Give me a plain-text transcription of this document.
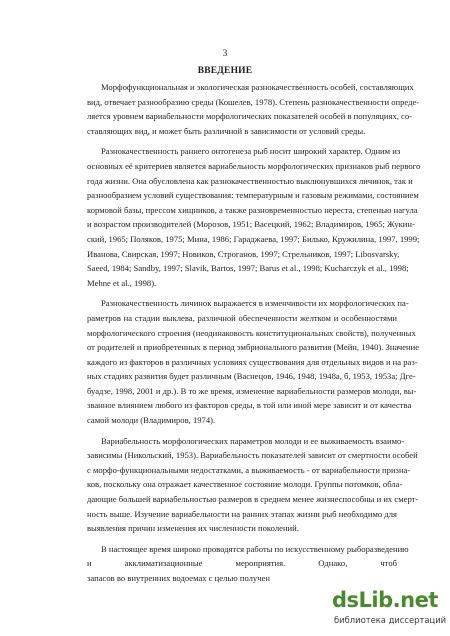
3
ВВЕДЕНИЕ
Морфофункциональная и экологическая разнокачественность особей, составляющих
вид, отвечает разнообразию среды (Кошелев, 1978). Степень разнокачественности опреде-
ляется уровнем вариабельности морфологических показателей особей в популяциях, со-
ставляющих вид, и может быть различной в зависимости от условий среды.
Разнокачественность раннего онтогенеза рыб носит широкий характер. Одним из
основных её критериев является вариабельность морфологических признаков рыб первого
года жизни. Она обусловлена как разнокачественностью выклюнувшихся личинок, так и
разнообразием условий существования: температурным и газовым режимами, состоянием
кормовой базы, прессом хищников, а также разновременностью нереста, степенью нагула
и возрастом производителей (Морозов, 1951; Васецкий, 1962; Владимиров, 1965; Жукин-
ский, 1965; Поляков, 1975; Мина, 1986; Гараджаева, 1997; Билько, Кружилина, 1997, 1999;
Иванова, Свирская, 1997; Новиков, Строганов, 1997; Стрельников, 1997; Libosvarsky,
Saeed, 1984; Sandby, 1997; Slavik, Bartos, 1997; Barus et al., 1998; Kucharczyk et al., 1998;
Mehne et al., 1998).
Разнокачественность личинок выражается в изменчивости их морфологических па-
раметров на стадии выклева, различной обеспеченности желтком и особенностями
морфологического строения (неодинаковость конституциональных свойств), полученных
от родителей и приобретенных в период эмбрионального развития (Мейн, 1940). Значение
каждого из факторов в различных условиях существования для отдельных видов и на раз-
ных стадиях развития будет различным (Васнецов, 1946, 1948, 1948а, б, 1953, 1953а; Дге-
буадзе, 1998, 2001 и др.). В то же время, изменение вариабельности размеров молоди, вы-
званное влиянием любого из факторов среды, в той или иной мере зависит и от качества
самой молоди (Владимиров, 1974).
Вариабельность морфологических параметров молоди и ее выживаемость взаимо-
зависимы (Никольский, 1953). Вариабельность показателей зависит от смертности особей
с морфо-функциональными недостатками, а выживаемость - от вариабельности призна-
ков, поскольку она отражает качественное состояние молоди. Группы потомков, обла-
дающие большей вариабельностью размеров в среднем менее жизнеспособны и их смерт-
ность выше. Изучение вариабельности на ранних этапах жизни рыб необходимо для
выявления причин изменения их численности поколений.
В настоящее время широко проводятся работы по искусственному рыборазведению
и акклиматизационные мероприятия. Однако, чтоб
запасов во внутренних водоемах с целью получен
dsLib.net
библиотека диссертаций
